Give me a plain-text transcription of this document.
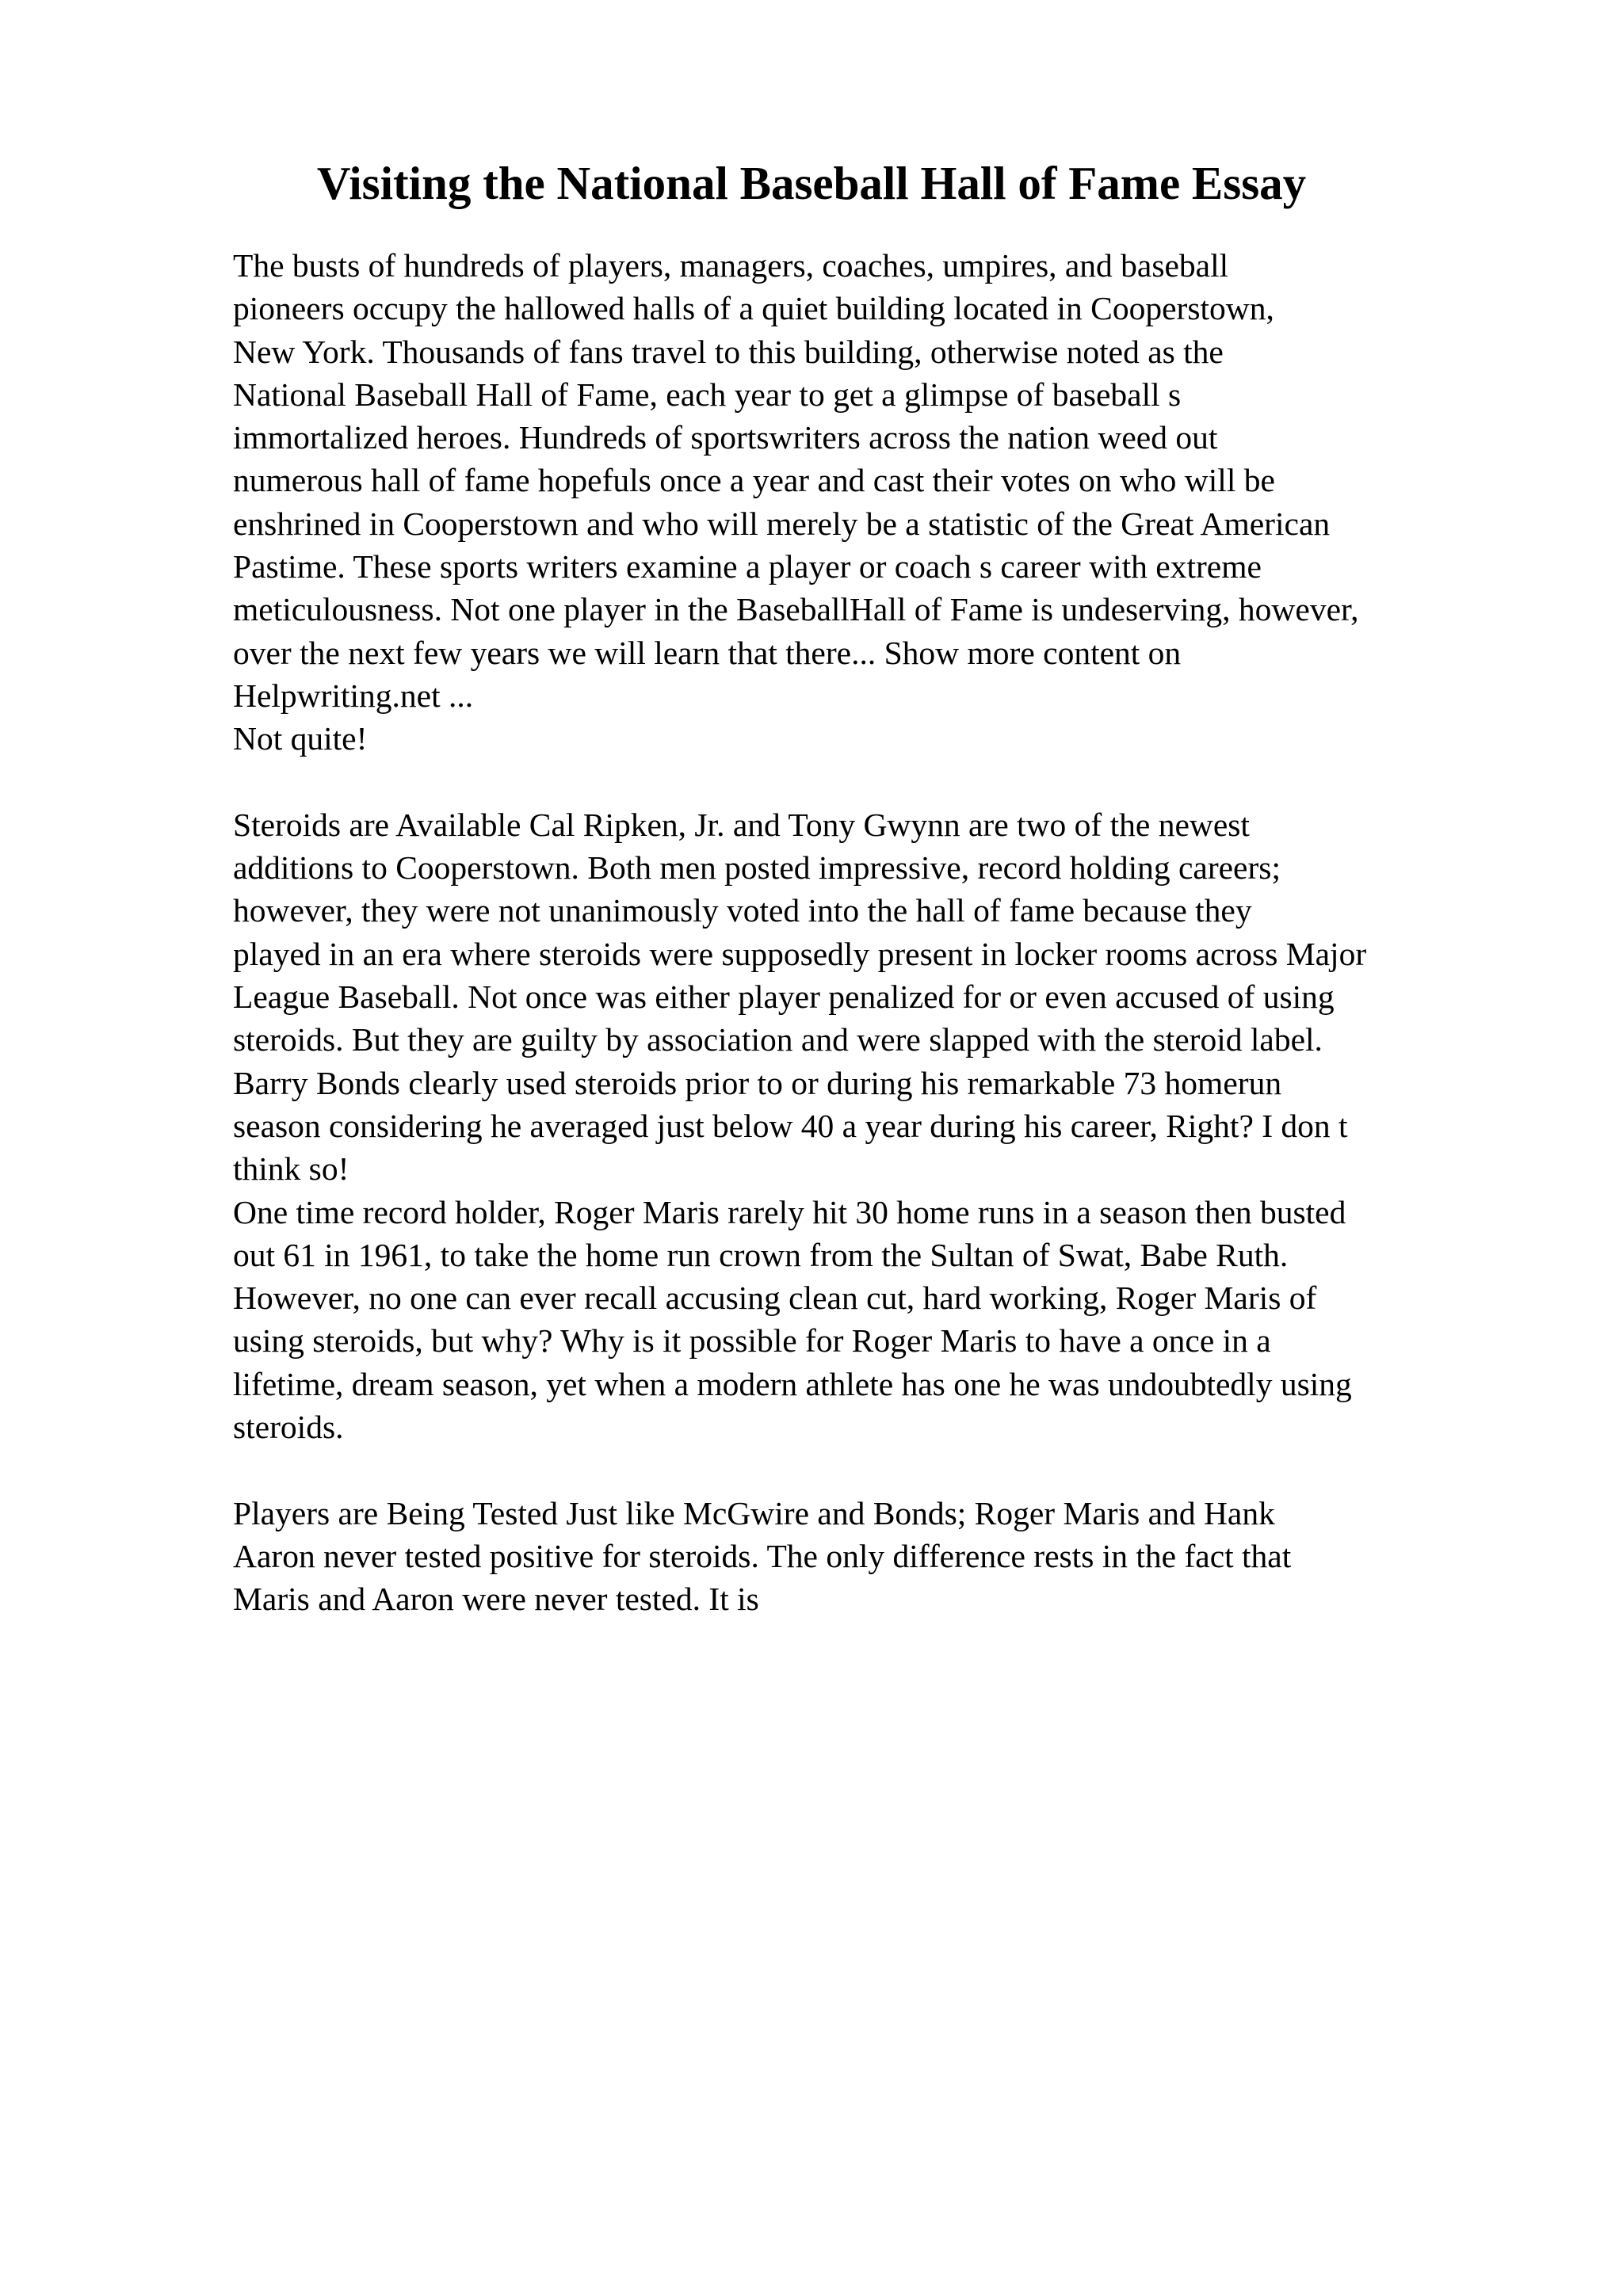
Visiting the National Baseball Hall of Fame Essay
The busts of hundreds of players, managers, coaches, umpires, and baseball
pioneers occupy the hallowed halls of a quiet building located in Cooperstown,
New York. Thousands of fans travel to this building, otherwise noted as the
National Baseball Hall of Fame, each year to get a glimpse of baseball s
immortalized heroes. Hundreds of sportswriters across the nation weed out
numerous hall of fame hopefuls once a year and cast their votes on who will be
enshrined in Cooperstown and who will merely be a statistic of the Great American
Pastime. These sports writers examine a player or coach s career with extreme
meticulousness. Not one player in the BaseballHall of Fame is undeserving, however,
over the next few years we will learn that there... Show more content on
Helpwriting.net ...
Not quite!
Steroids are Available Cal Ripken, Jr. and Tony Gwynn are two of the newest
additions to Cooperstown. Both men posted impressive, record holding careers;
however, they were not unanimously voted into the hall of fame because they
played in an era where steroids were supposedly present in locker rooms across Major
League Baseball. Not once was either player penalized for or even accused of using
steroids. But they are guilty by association and were slapped with the steroid label.
Barry Bonds clearly used steroids prior to or during his remarkable 73 homerun
season considering he averaged just below 40 a year during his career, Right? I don t
think so!
One time record holder, Roger Maris rarely hit 30 home runs in a season then busted
out 61 in 1961, to take the home run crown from the Sultan of Swat, Babe Ruth.
However, no one can ever recall accusing clean cut, hard working, Roger Maris of
using steroids, but why? Why is it possible for Roger Maris to have a once in a
lifetime, dream season, yet when a modern athlete has one he was undoubtedly using
steroids.
Players are Being Tested Just like McGwire and Bonds; Roger Maris and Hank
Aaron never tested positive for steroids. The only difference rests in the fact that
Maris and Aaron were never tested. It is
